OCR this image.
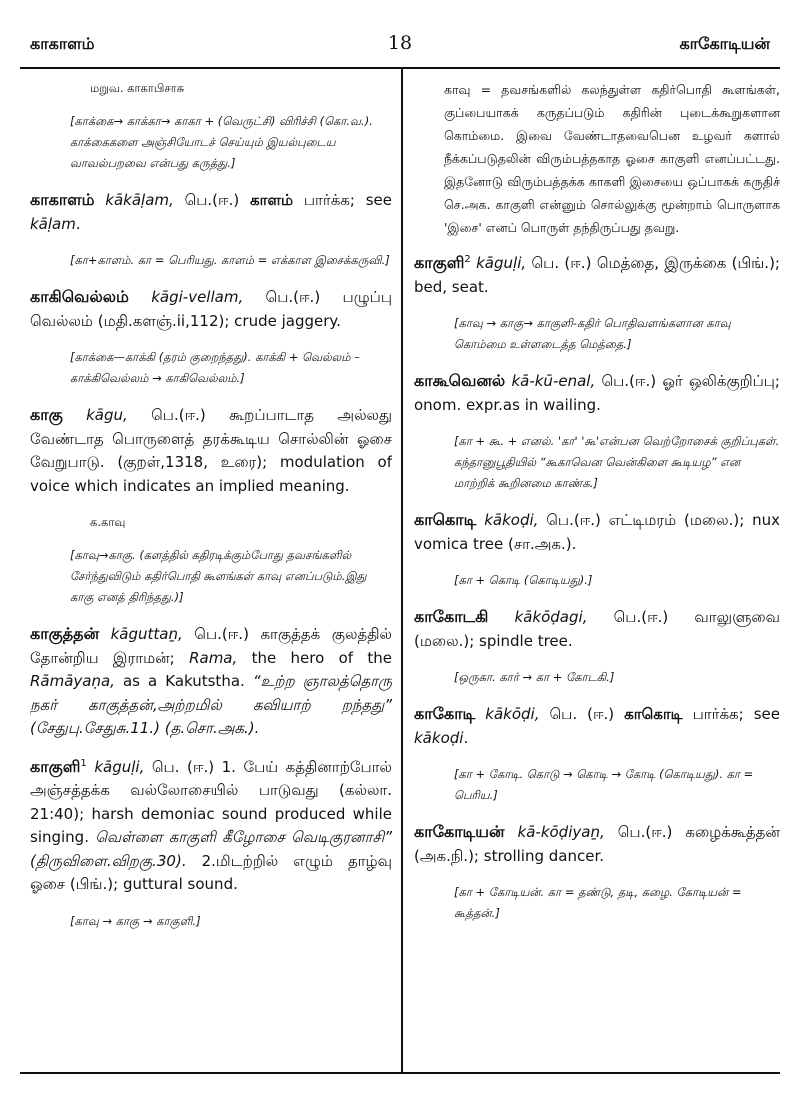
காகாளம்	18	காகோடியன்
மறுவ. காகாபிசாசு
[காக்கை→ காக்கா→ காகா + (வெருட்சி) விரிச்சி (கொ.வ.). காக்கைகளை அஞ்சியோடச் செய்யும் இயல்புடைய வாவல்பறவை என்பது கருத்து.]
காகாளம் kākāḷam, பெ.(ஈ.) காளம் பார்க்க; see kāḷam.
[கா+காளம். கா = பெரியது. காளம் = எக்காள இசைக்கருவி.]
காகிவெல்லம் kāgi-vellam, பெ.(ஈ.) பழுப்பு வெல்லம் (மதி.களஞ்.ii,112); crude jaggery.
[காக்கை—காக்கி (தரம் குறைந்தது). காக்கி + வெல்லம் – காக்கிவெல்லம் → காகிவெல்லம்.]
காகு kāgu, பெ.(ஈ.) கூறப்பாடாத அல்லது வேண்டாத பொருளைத் தரக்கூடிய சொல்லின் ஓசை வேறுபாடு. (குறள்,1318, உரை); modulation of voice which indicates an implied meaning.
க.காவு
[காவு→காகு. (களத்தில் கதிரடிக்கும்போது தவசங்களில் சேர்ந்துவிடும் கதிர்பொதி கூளங்கள் காவு எனப்படும்.இது காகு எனத் திரிந்தது.)]
காகுத்தன் kāguttaṉ, பெ.(ஈ.) காகுத்தக் குலத்தில் தோன்றிய இராமன்; Rama, the hero of the Rāmāyaṇa, as a Kakutstha. “உற்ற ஞாலத்தொரு நகர் காகுத்தன்,அற்றமில் கவியாற் றந்தது” (சேதுபு.சேதுசு.11.) (த.சொ.அக.).
காகுளி$^1$ kāguḷi, பெ. (ஈ.) 1. பேய் கத்தினாற்போல் அஞ்சத்தக்க வல்லோசையில் பாடுவது (கல்லா. 21:40); harsh demoniac sound produced while singing. வெள்ளை காகுளி கீழோசை வெடிகுரனாசி” (திருவிளை.விறகு.30). 2.மிடற்றில் எழும் தாழ்வு ஓசை (பிங்.); guttural sound.
[காவு → காகு → காகுளி.]
காவு = தவசங்களில் கலந்துள்ள கதிர்பொதி கூளங்கள், குப்பையாகக் கருதப்படும் கதிரின் புடைக்கூறுகளான கொம்மை. இவை வேண்டாதவைபென உழவர் களால் நீக்கப்படுதலின் விரும்பத்தகாத ஓசை காகுளி எனப்பட்டது. இதனோடு விரும்பத்தக்க காகளி இசையை ஒப்பாகக் கருதிச் செ.அக. காகுளி என்னும் சொல்லுக்கு மூன்றாம் பொருளாக 'இசை' எனப் பொருள் தந்திருப்பது தவறு.
காகுளி$^2$ kāguḷi, பெ. (ஈ.) மெத்தை, இருக்கை (பிங்.); bed, seat.
[காவு → காகு→ காகுளி-கதிர் பொதிவளங்களான காவு கொம்மை உள்ளடைத்த மெத்தை.]
காகூவெனல் kā-kū-enal, பெ.(ஈ.) ஓர் ஒலிக்குறிப்பு; onom. expr.as in wailing.
[கா + கூ. + எனல். 'கா' 'கூ'என்பன வெற்றோசைக் குறிப்புகள். கந்தானுபூதியில் “கூகாவென வென்கிளை கூடியழ” என மாற்றிக் கூறினமை காண்க.]
காகொடி kākoḍi, பெ.(ஈ.) எட்டிமரம் (மலை.); nux vomica tree (சா.அக.).
[கா + கொடி (கொடியது).]
காகோடகி kākōḍagi, பெ.(ஈ.) வாலுளுவை (மலை.); spindle tree.
[ஒருகா. கார் → கா + கோடகி.]
காகோடி kākōḍi, பெ. (ஈ.) காகொடி பார்க்க; see kākoḍi.
[கா + கோடி. கொடு → கொடி → கோடி (கொடியது). கா = பெரிய.]
காகோடியன் kā-kōḍiyaṉ, பெ.(ஈ.) கழைக்கூத்தன் (அக.நி.); strolling dancer.
[கா + கோடியன். கா = தண்டு, தடி, கழை. கோடியன் = கூத்தன்.]
